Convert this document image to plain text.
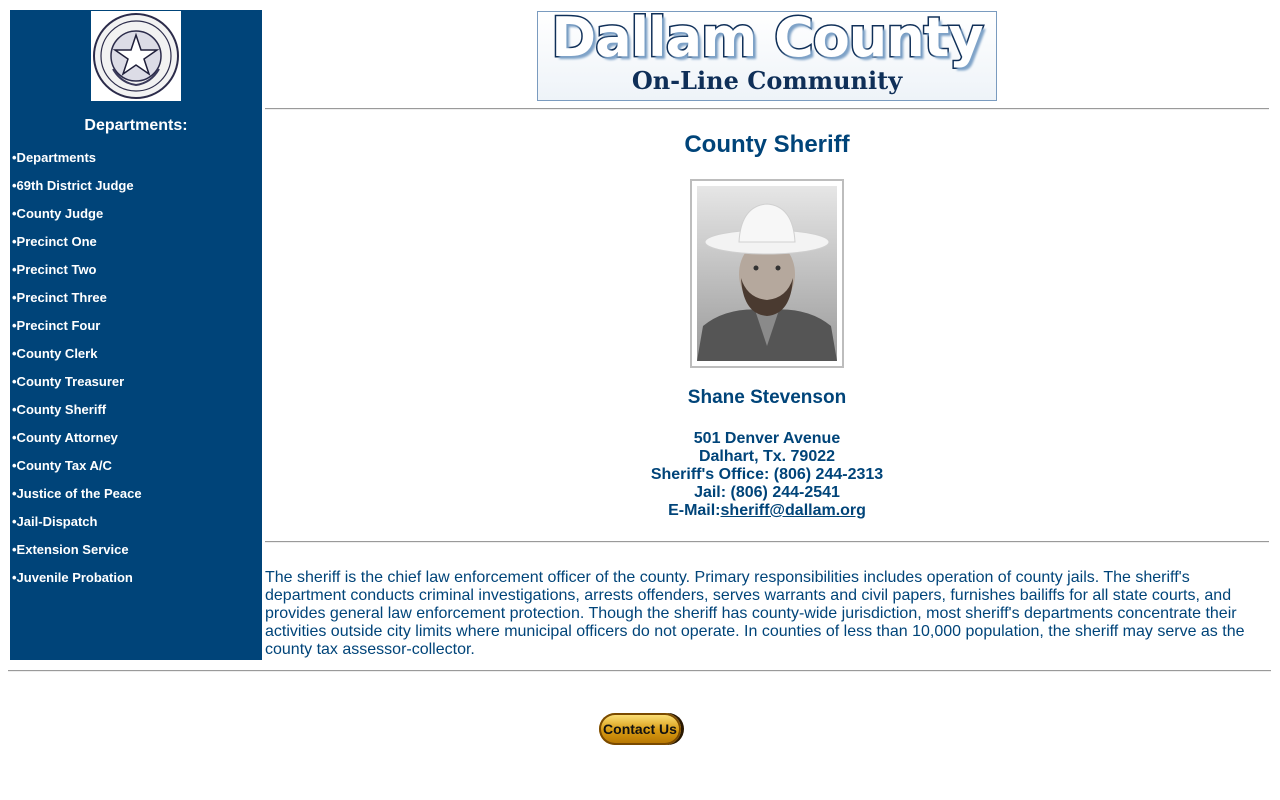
Departments:
•Departments
•69th District Judge
•County Judge
•Precinct One
•Precinct Two
•Precinct Three
•Precinct Four
•County Clerk
•County Treasurer
•County Sheriff
•County Attorney
•County Tax A/C
•Justice of the Peace
•Jail-Dispatch
•Extension Service
•Juvenile Probation
Dallam County
On-Line Community
County Sheriff
Shane Stevenson
501 Denver Avenue
Dalhart, Tx. 79022
Sheriff's Office: (806) 244-2313
Jail: (806) 244-2541
E-Mail:sheriff@dallam.org
The sheriff is the chief law enforcement officer of the county. Primary responsibilities includes operation of county jails. The sheriff's department conducts criminal investigations, arrests offenders, serves warrants and civil papers, furnishes bailiffs for all state courts, and provides general law enforcement protection. Though the sheriff has county-wide jurisdiction, most sheriff's departments concentrate their activities outside city limits where municipal officers do not operate. In counties of less than 10,000 population, the sheriff may serve as the county tax assessor-collector.
Contact Us
